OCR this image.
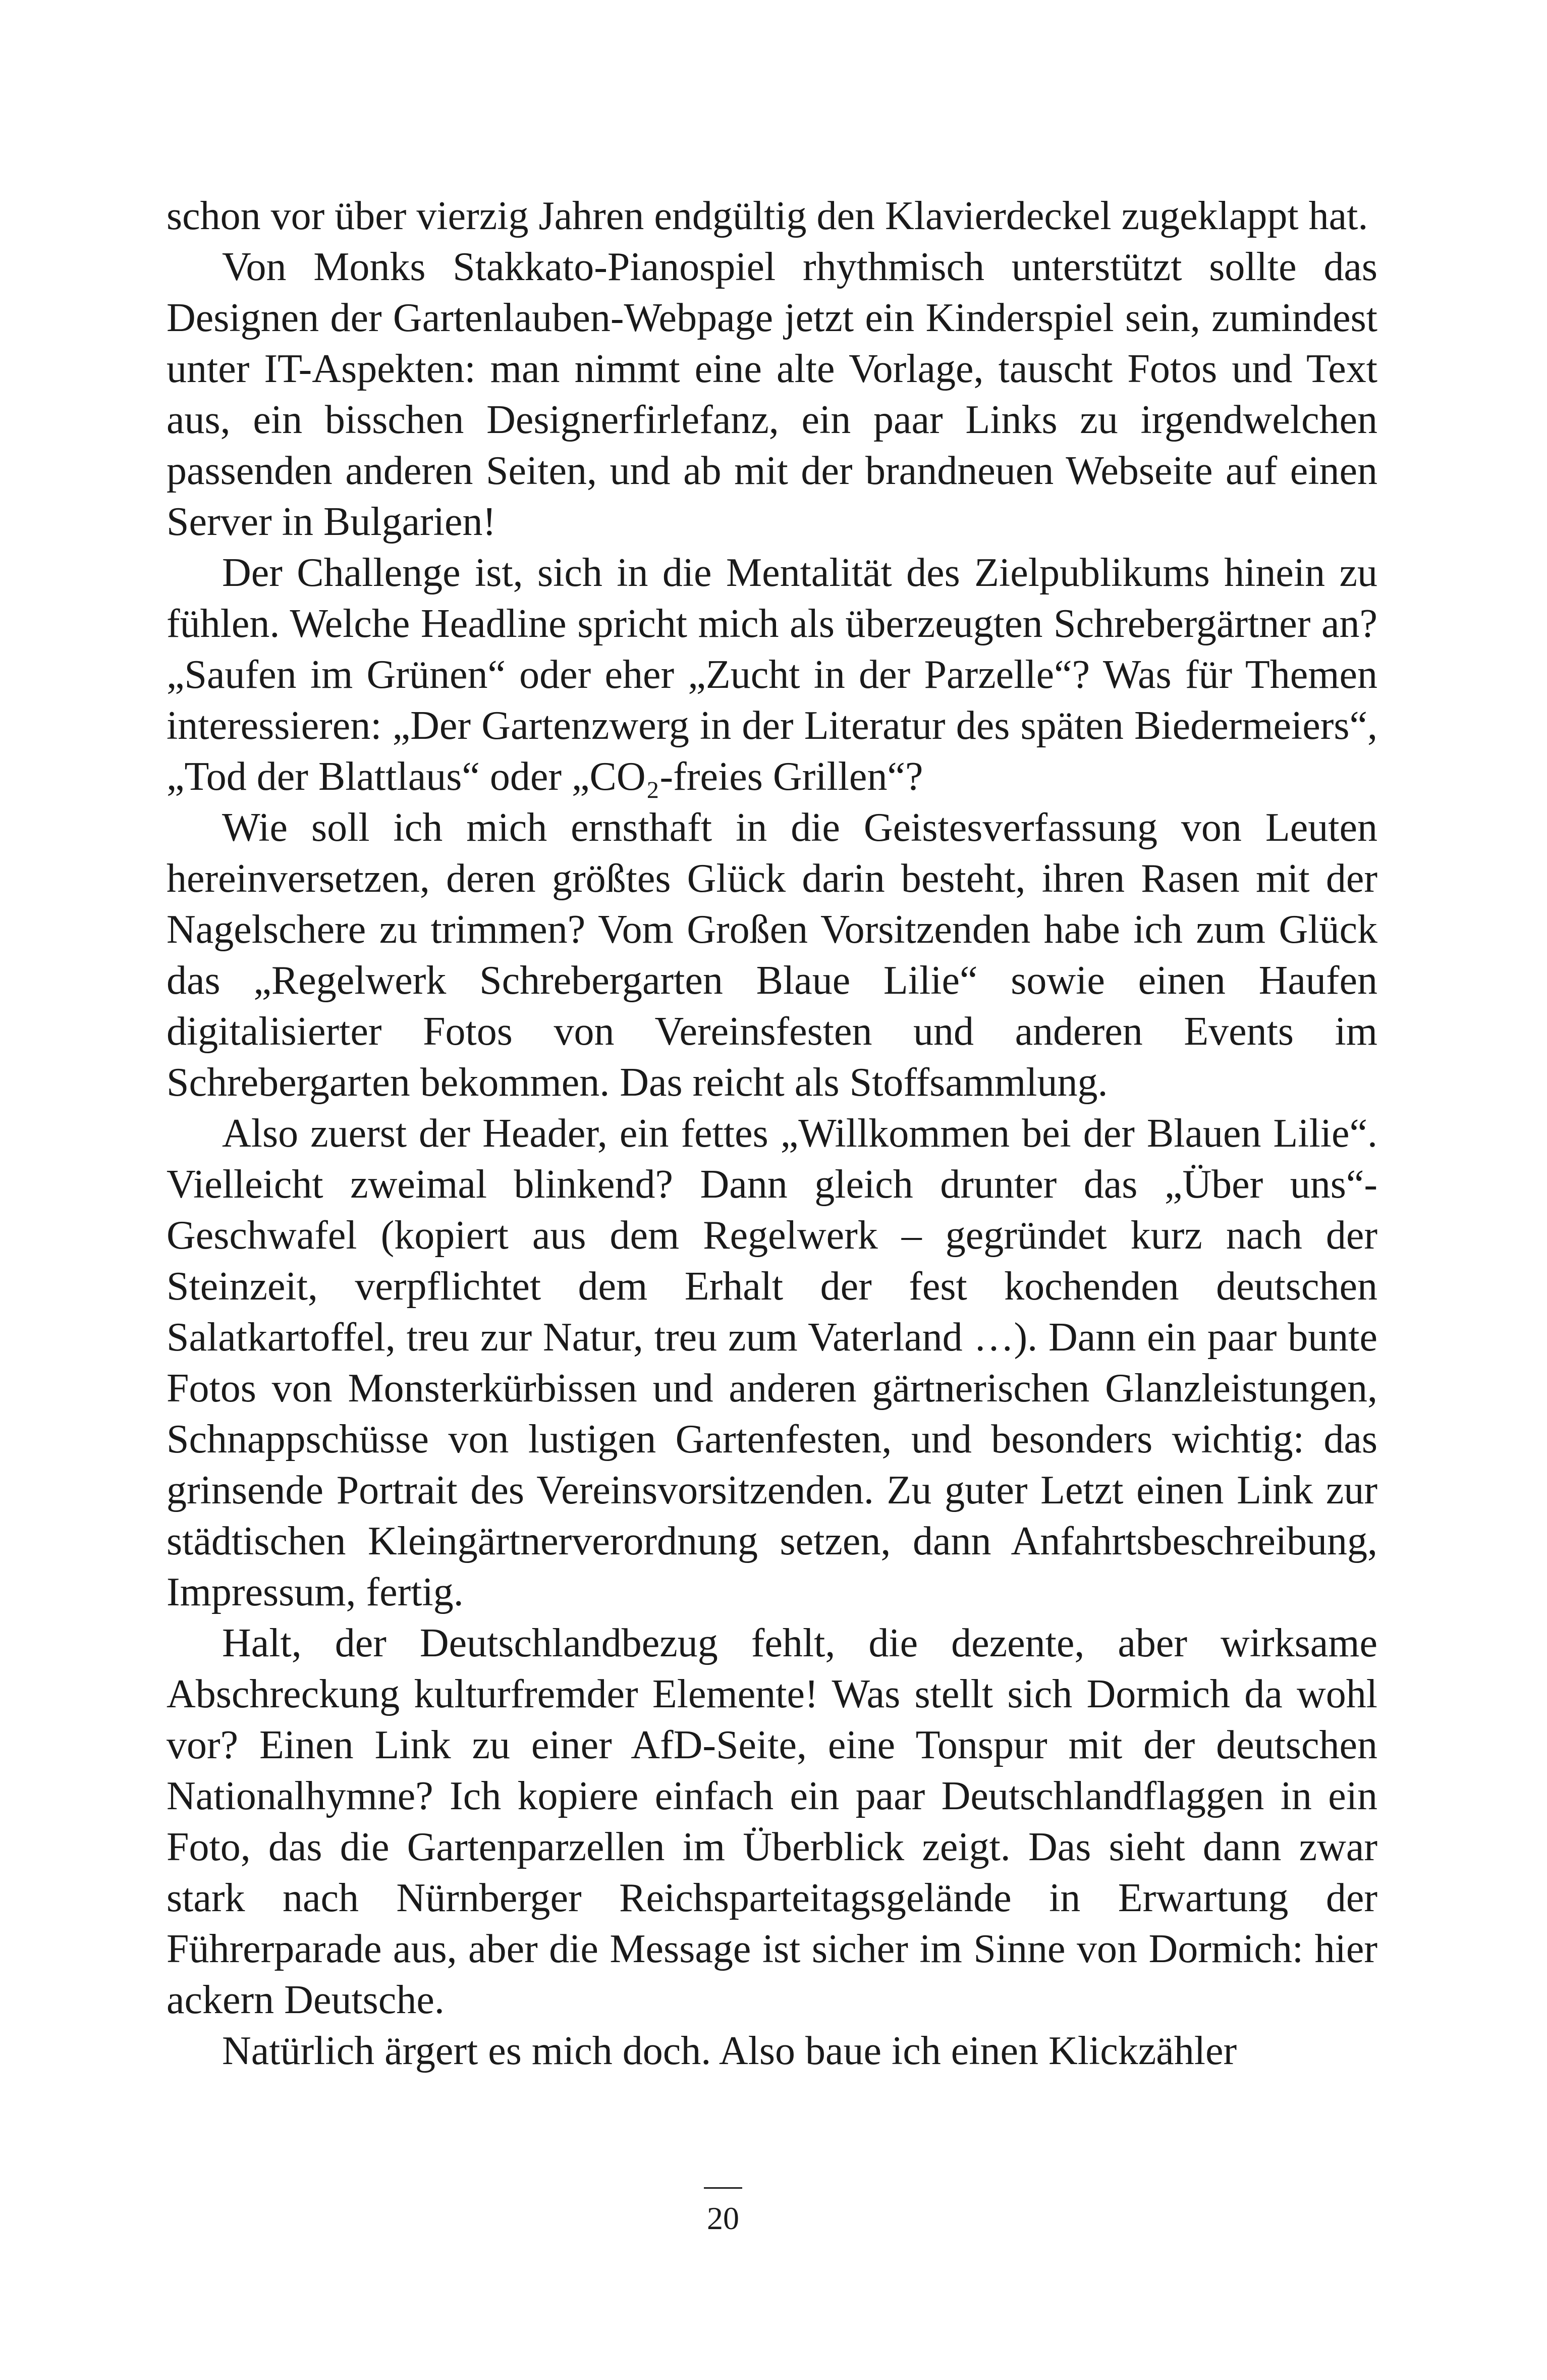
schon vor über vierzig Jahren endgültig den Klavierdeckel zugeklappt hat.

Von Monks Stakkato-Pianospiel rhythmisch unterstützt sollte das Designen der Gartenlauben-Webpage jetzt ein Kinderspiel sein, zumindest unter IT-Aspekten: man nimmt eine alte Vorlage, tauscht Fotos und Text aus, ein bisschen Designerfirlefanz, ein paar Links zu irgendwelchen passenden anderen Seiten, und ab mit der brandneuen Webseite auf einen Server in Bulgarien!

Der Challenge ist, sich in die Mentalität des Zielpublikums hinein zu fühlen. Welche Headline spricht mich als überzeugten Schrebergärtner an? „Saufen im Grünen“ oder eher „Zucht in der Parzelle“? Was für Themen interessieren: „Der Gartenzwerg in der Literatur des späten Biedermeiers“, „Tod der Blattlaus“ oder „CO₂-freies Grillen“?

Wie soll ich mich ernsthaft in die Geistesverfassung von Leuten hereinversetzen, deren größtes Glück darin besteht, ihren Rasen mit der Nagelschere zu trimmen? Vom Großen Vorsitzenden habe ich zum Glück das „Regelwerk Schrebergarten Blaue Lilie“ sowie einen Haufen digitalisierter Fotos von Vereinsfesten und anderen Events im Schrebergarten bekommen. Das reicht als Stoffsammlung.

Also zuerst der Header, ein fettes „Willkommen bei der Blauen Lilie“. Vielleicht zweimal blinkend? Dann gleich drunter das „Über uns“-Geschwafel (kopiert aus dem Regelwerk – gegründet kurz nach der Steinzeit, verpflichtet dem Erhalt der fest kochenden deutschen Salatkartoffel, treu zur Natur, treu zum Vaterland …). Dann ein paar bunte Fotos von Monsterkürbissen und anderen gärtnerischen Glanzleistungen, Schnappschüsse von lustigen Gartenfesten, und besonders wichtig: das grinsende Portrait des Vereinsvorsitzenden. Zu guter Letzt einen Link zur städtischen Kleingärtnerverordnung setzen, dann Anfahrtsbeschreibung, Impressum, fertig.

Halt, der Deutschlandbezug fehlt, die dezente, aber wirksame Abschreckung kulturfremder Elemente! Was stellt sich Dormich da wohl vor? Einen Link zu einer AfD-Seite, eine Tonspur mit der deutschen Nationalhymne? Ich kopiere einfach ein paar Deutschlandflaggen in ein Foto, das die Gartenparzellen im Überblick zeigt. Das sieht dann zwar stark nach Nürnberger Reichsparteitagsgelände in Erwartung der Führerparade aus, aber die Message ist sicher im Sinne von Dormich: hier ackern Deutsche.

Natürlich ärgert es mich doch. Also baue ich einen Klickzähler

20
